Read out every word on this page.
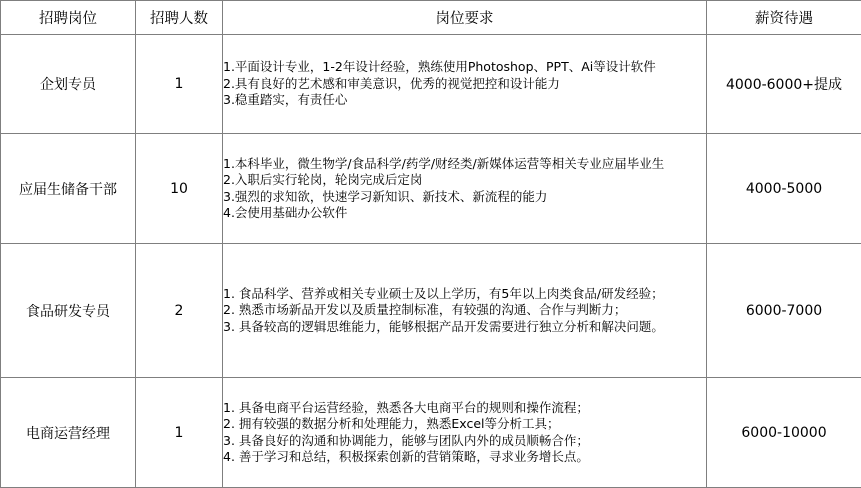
招聘岗位	招聘人数	岗位要求	薪资待遇
企划专员	1	1.平面设计专业，1-2年设计经验，熟练使用Photoshop、PPT、Ai等设计软件
2.具有良好的艺术感和审美意识，优秀的视觉把控和设计能力
3.稳重踏实，有责任心	4000-6000+提成
应届生储备干部	10	1.本科毕业，微生物学/食品科学/药学/财经类/新媒体运营等相关专业应届毕业生
2.入职后实行轮岗，轮岗完成后定岗
3.强烈的求知欲，快速学习新知识、新技术、新流程的能力
4.会使用基础办公软件	4000-5000
食品研发专员	2	1. 食品科学、营养或相关专业硕士及以上学历，有5年以上肉类食品/研发经验；
2. 熟悉市场新品开发以及质量控制标准，有较强的沟通、合作与判断力；
3. 具备较高的逻辑思维能力，能够根据产品开发需要进行独立分析和解决问题。	6000-7000
电商运营经理	1	1. 具备电商平台运营经验，熟悉各大电商平台的规则和操作流程；
2. 拥有较强的数据分析和处理能力，熟悉Excel等分析工具；
3. 具备良好的沟通和协调能力，能够与团队内外的成员顺畅合作；
4. 善于学习和总结，积极探索创新的营销策略，寻求业务增长点。	6000-10000
